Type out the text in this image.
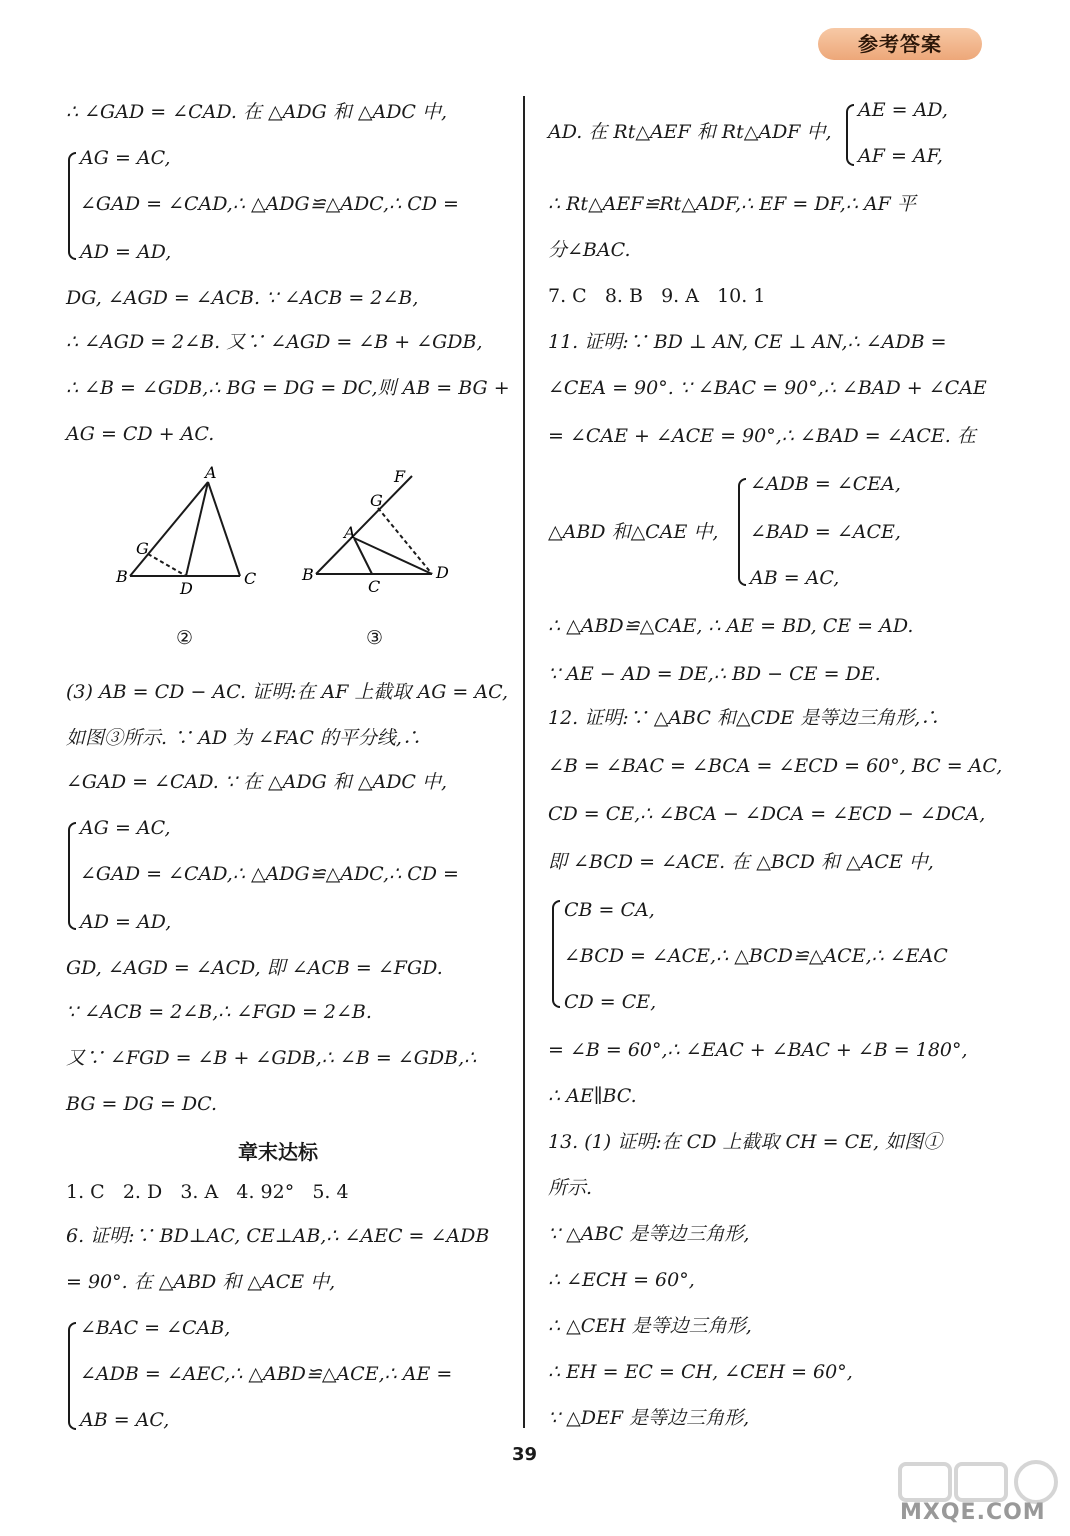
参考答案
∴ ∠GAD = ∠CAD. 在 △ADG 和 △ADC 中,
AG = AC,
∠GAD = ∠CAD,∴ △ADG≌△ADC,∴ CD =
AD = AD,
DG, ∠AGD = ∠ACB. ∵ ∠ACB = 2∠B,
∴ ∠AGD = 2∠B. 又∵ ∠AGD = ∠B + ∠GDB,
∴ ∠B = ∠GDB,∴ BG = DG = DC,则 AB = BG +
AG = CD + AC.
A
G
B
D
C
②
F
G
A
B
C
D
③
(3) AB = CD − AC. 证明:在 AF 上截取 AG = AC,
如图③所示. ∵ AD 为 ∠FAC 的平分线,∴
∠GAD = ∠CAD. ∵ 在 △ADG 和 △ADC 中,
AG = AC,
∠GAD = ∠CAD,∴ △ADG≌△ADC,∴ CD =
AD = AD,
GD, ∠AGD = ∠ACD, 即 ∠ACB = ∠FGD.
∵ ∠ACB = 2∠B,∴ ∠FGD = 2∠B.
又∵ ∠FGD = ∠B + ∠GDB,∴ ∠B = ∠GDB,∴
BG = DG = DC.
章末达标
1. C   2. D   3. A   4. 92°   5. 4
6. 证明:∵ BD⊥AC, CE⊥AB,∴ ∠AEC = ∠ADB
= 90°. 在 △ABD 和 △ACE 中,
∠BAC = ∠CAB,
∠ADB = ∠AEC,∴ △ABD≌△ACE,∴ AE =
AB = AC,
AE = AD,
AD. 在 Rt△AEF 和 Rt△ADF 中,
AF = AF,
∴ Rt△AEF≌Rt△ADF,∴ EF = DF,∴ AF 平
分∠BAC.
7. C   8. B   9. A   10. 1
11. 证明:∵ BD ⊥ AN, CE ⊥ AN,∴ ∠ADB =
∠CEA = 90°. ∵ ∠BAC = 90°,∴ ∠BAD + ∠CAE
= ∠CAE + ∠ACE = 90°,∴ ∠BAD = ∠ACE. 在
∠ADB = ∠CEA,
△ABD 和△CAE 中, ∠BAD = ∠ACE,
AB = AC,
∴ △ABD≌△CAE, ∴ AE = BD, CE = AD.
∵ AE − AD = DE,∴ BD − CE = DE.
12. 证明:∵ △ABC 和△CDE 是等边三角形,∴
∠B = ∠BAC = ∠BCA = ∠ECD = 60°, BC = AC,
CD = CE,∴ ∠BCA − ∠DCA = ∠ECD − ∠DCA,
即 ∠BCD = ∠ACE. 在 △BCD 和 △ACE 中,
CB = CA,
∠BCD = ∠ACE,∴ △BCD≌△ACE,∴ ∠EAC
CD = CE,
= ∠B = 60°,∴ ∠EAC + ∠BAC + ∠B = 180°,
∴ AE∥BC.
13. (1) 证明:在 CD 上截取 CH = CE, 如图①
所示.
∵ △ABC 是等边三角形,
∴ ∠ECH = 60°,
∴ △CEH 是等边三角形,
∴ EH = EC = CH, ∠CEH = 60°,
∵ △DEF 是等边三角形,
39
MXQE.COM
